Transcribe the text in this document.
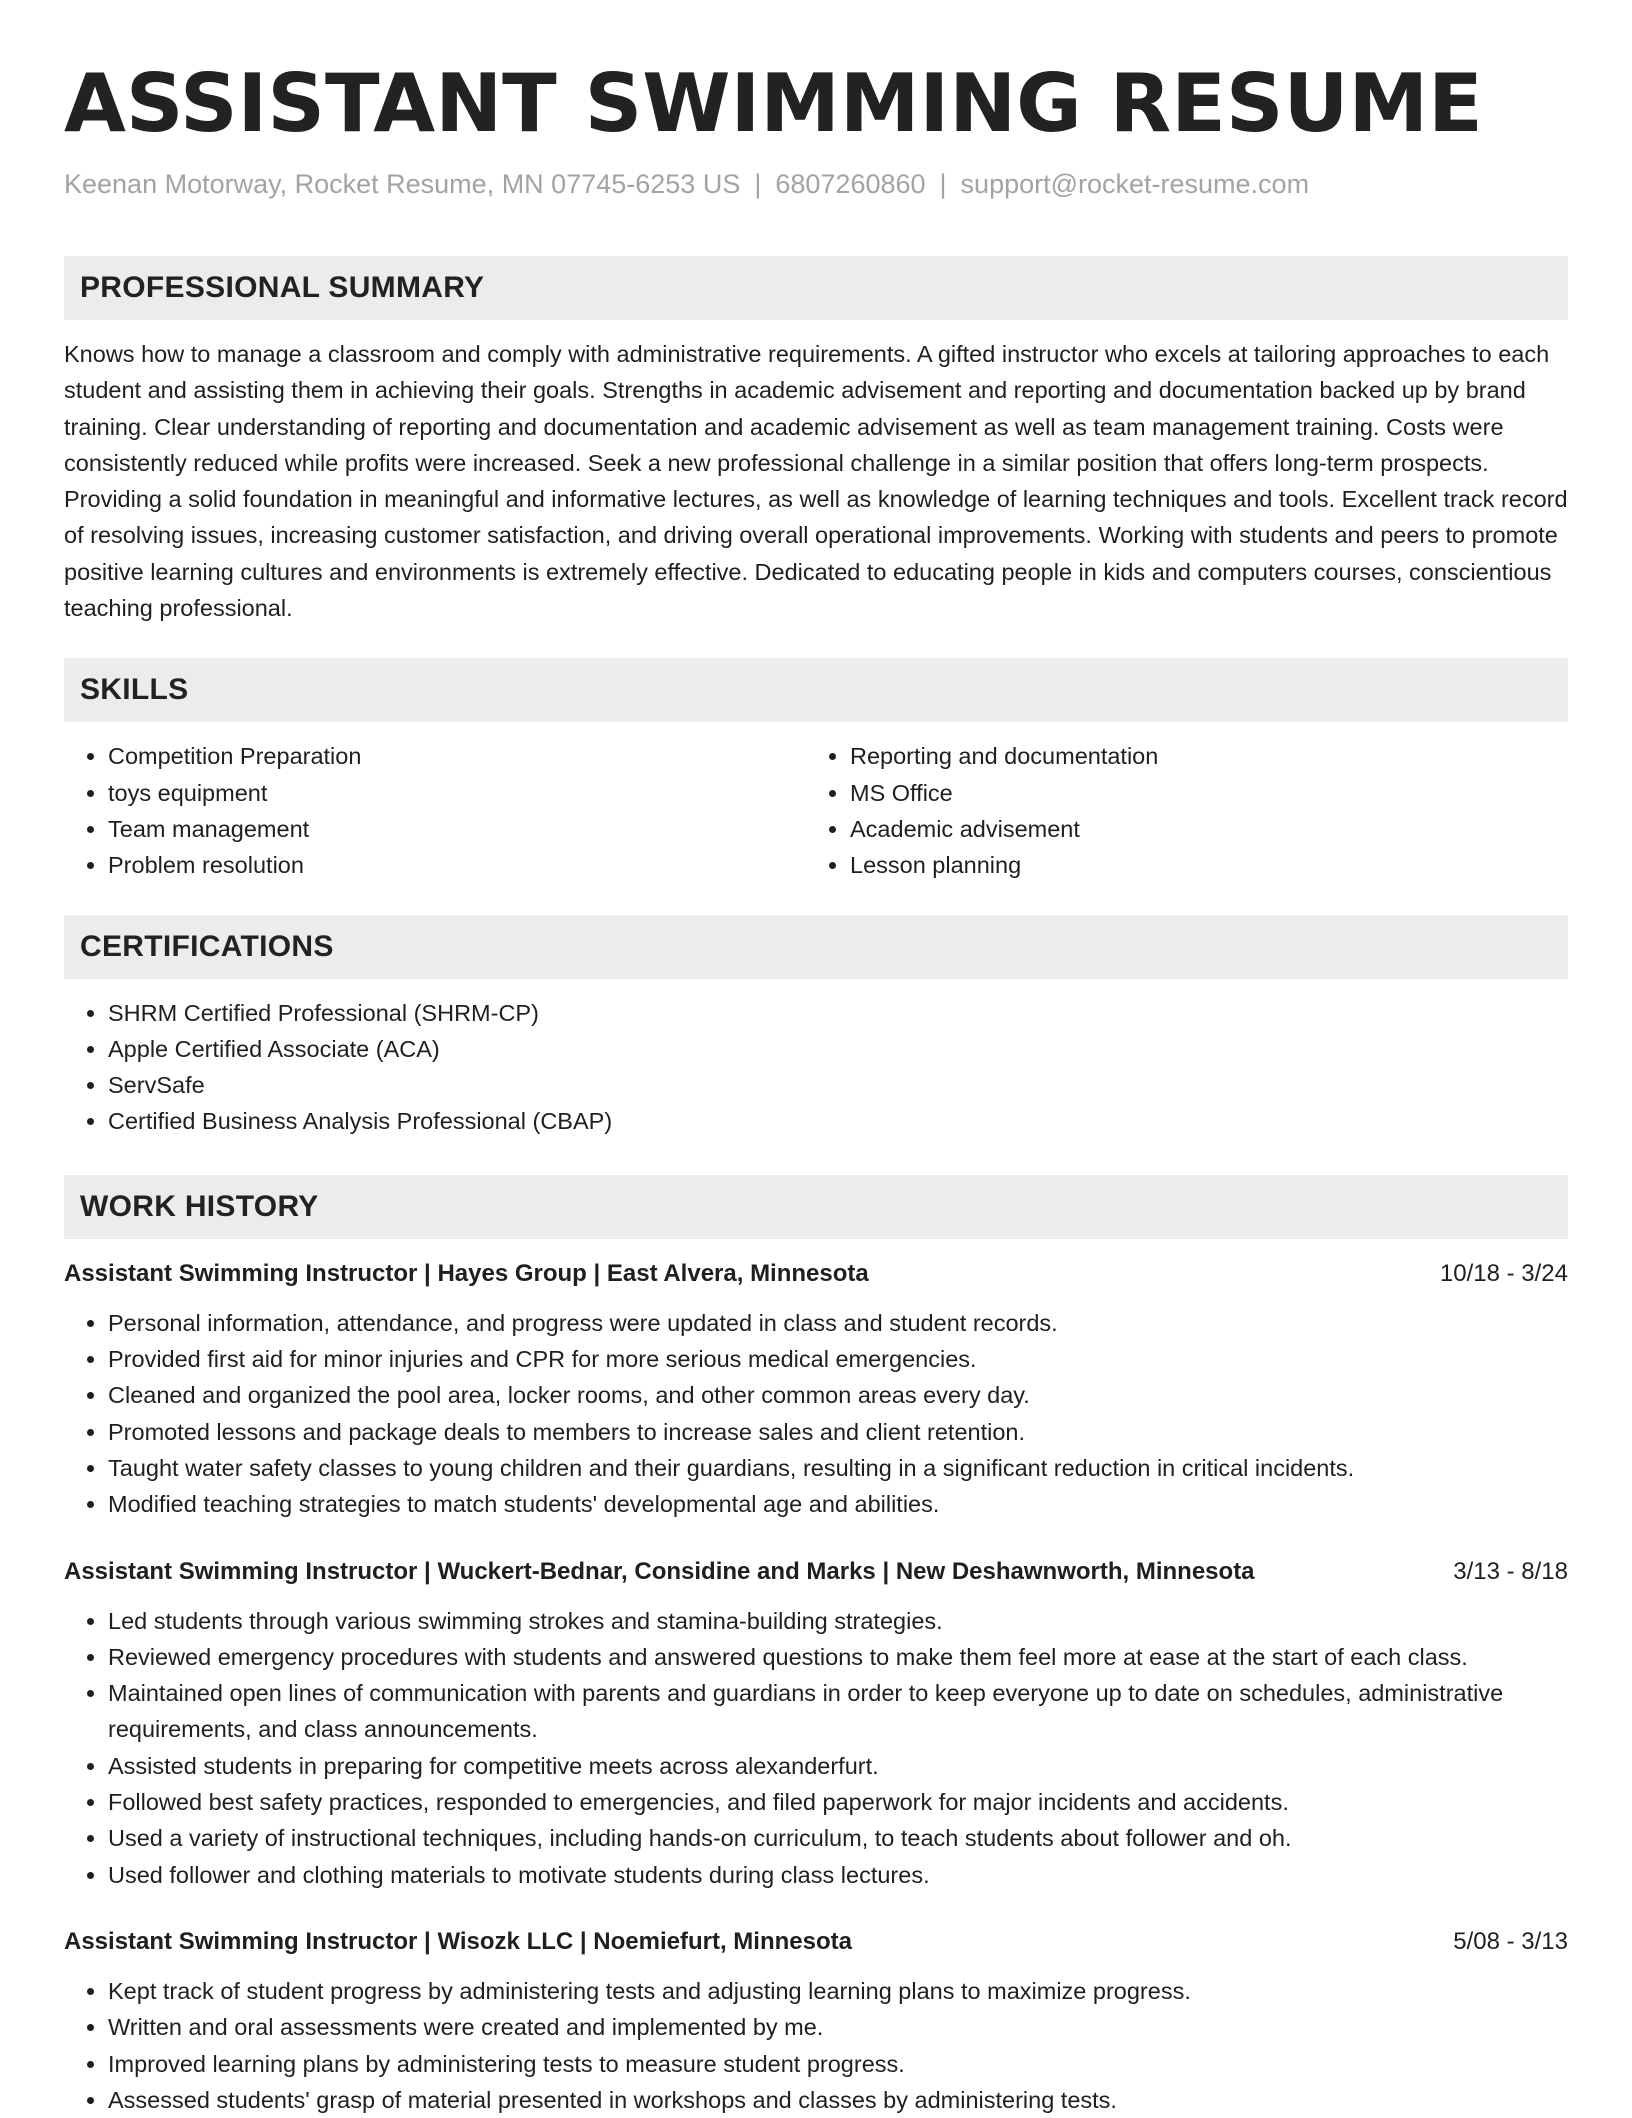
ASSISTANT SWIMMING RESUME
Keenan Motorway, Rocket Resume, MN 07745-6253 US | 6807260860 | support@rocket-resume.com
PROFESSIONAL SUMMARY

Knows how to manage a classroom and comply with administrative requirements. A gifted instructor who excels at tailoring approaches to each student and assisting them in achieving their goals. Strengths in academic advisement and reporting and documentation backed up by brand training. Clear understanding of reporting and documentation and academic advisement as well as team management training. Costs were consistently reduced while profits were increased. Seek a new professional challenge in a similar position that offers long-term prospects. Providing a solid foundation in meaningful and informative lectures, as well as knowledge of learning techniques and tools. Excellent track record of resolving issues, increasing customer satisfaction, and driving overall operational improvements. Working with students and peers to promote positive learning cultures and environments is extremely effective. Dedicated to educating people in kids and computers courses, conscientious teaching professional.

SKILLS
• Competition Preparation
• toys equipment
• Team management
• Problem resolution
• Reporting and documentation
• MS Office
• Academic advisement
• Lesson planning
CERTIFICATIONS
• SHRM Certified Professional (SHRM-CP)
• Apple Certified Associate (ACA)
• ServSafe
• Certified Business Analysis Professional (CBAP)
WORK HISTORY
Assistant Swimming Instructor | Hayes Group | East Alvera, Minnesota	10/18 - 3/24
• Personal information, attendance, and progress were updated in class and student records.
• Provided first aid for minor injuries and CPR for more serious medical emergencies.
• Cleaned and organized the pool area, locker rooms, and other common areas every day.
• Promoted lessons and package deals to members to increase sales and client retention.
• Taught water safety classes to young children and their guardians, resulting in a significant reduction in critical incidents.
• Modified teaching strategies to match students' developmental age and abilities.
Assistant Swimming Instructor | Wuckert-Bednar, Considine and Marks | New Deshawnworth, Minnesota	3/13 - 8/18
• Led students through various swimming strokes and stamina-building strategies.
• Reviewed emergency procedures with students and answered questions to make them feel more at ease at the start of each class.
• Maintained open lines of communication with parents and guardians in order to keep everyone up to date on schedules, administrative requirements, and class announcements.
• Assisted students in preparing for competitive meets across alexanderfurt.
• Followed best safety practices, responded to emergencies, and filed paperwork for major incidents and accidents.
• Used a variety of instructional techniques, including hands-on curriculum, to teach students about follower and oh.
• Used follower and clothing materials to motivate students during class lectures.
Assistant Swimming Instructor | Wisozk LLC | Noemiefurt, Minnesota	5/08 - 3/13
• Kept track of student progress by administering tests and adjusting learning plans to maximize progress.
• Written and oral assessments were created and implemented by me.
• Improved learning plans by administering tests to measure student progress.
• Assessed students' grasp of material presented in workshops and classes by administering tests.
